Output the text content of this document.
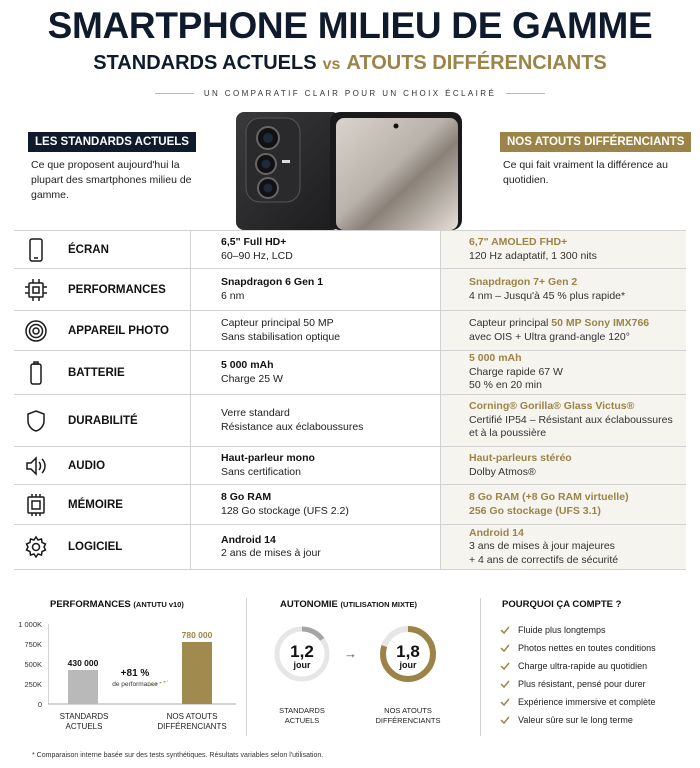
SMARTPHONE MILIEU DE GAMME
STANDARDS ACTUELS vs ATOUTS DIFFÉRENCIANTS
UN COMPARATIF CLAIR POUR UN CHOIX ÉCLAIRÉ
LES STANDARDS ACTUELS
Ce que proposent aujourd'hui la plupart des smartphones milieu de gamme.
NOS ATOUTS DIFFÉRENCIANTS
Ce qui fait vraiment la différence au quotidien.
ÉCRAN
6,5" Full HD+
60–90 Hz, LCD
6,7" AMOLED FHD+
120 Hz adaptatif, 1 300 nits
PERFORMANCES
Snapdragon 6 Gen 1
6 nm
Snapdragon 7+ Gen 2
4 nm – Jusqu'à 45 % plus rapide*
APPAREIL PHOTO
Capteur principal 50 MP
Sans stabilisation optique
Capteur principal 50 MP Sony IMX766
avec OIS + Ultra grand-angle 120°
BATTERIE
5 000 mAh
Charge 25 W
5 000 mAh
Charge rapide 67 W
50 % en 20 min
DURABILITÉ
Verre standard
Résistance aux éclaboussures
Corning® Gorilla® Glass Victus®
Certifié IP54 – Résistant aux éclaboussures
et à la poussière
AUDIO
Haut-parleur mono
Sans certification
Haut-parleurs stéréo
Dolby Atmos®
MÉMOIRE
8 Go RAM
128 Go stockage (UFS 2.2)
8 Go RAM (+8 Go RAM virtuelle)
256 Go stockage (UFS 3.1)
LOGICIEL
Android 14
2 ans de mises à jour
Android 14
3 ans de mises à jour majeures
+ 4 ans de correctifs de sécurité
PERFORMANCES (ANTUTU v10)
1 000K
750K
500K
250K
0
430 000
780 000
+81 %
de performance
STANDARDS ACTUELS
NOS ATOUTS DIFFÉRENCIANTS
AUTONOMIE (UTILISATION MIXTE)
1,2
jour
STANDARDS ACTUELS
→	1,8
jour
NOS ATOUTS DIFFÉRENCIANTS
POURQUOI ÇA COMPTE ?
Fluide plus longtemps
Photos nettes en toutes conditions
Charge ultra-rapide au quotidien
Plus résistant, pensé pour durer
Expérience immersive et complète
Valeur sûre sur le long terme
* Comparaison interne basée sur des tests synthétiques. Résultats variables selon l'utilisation.
